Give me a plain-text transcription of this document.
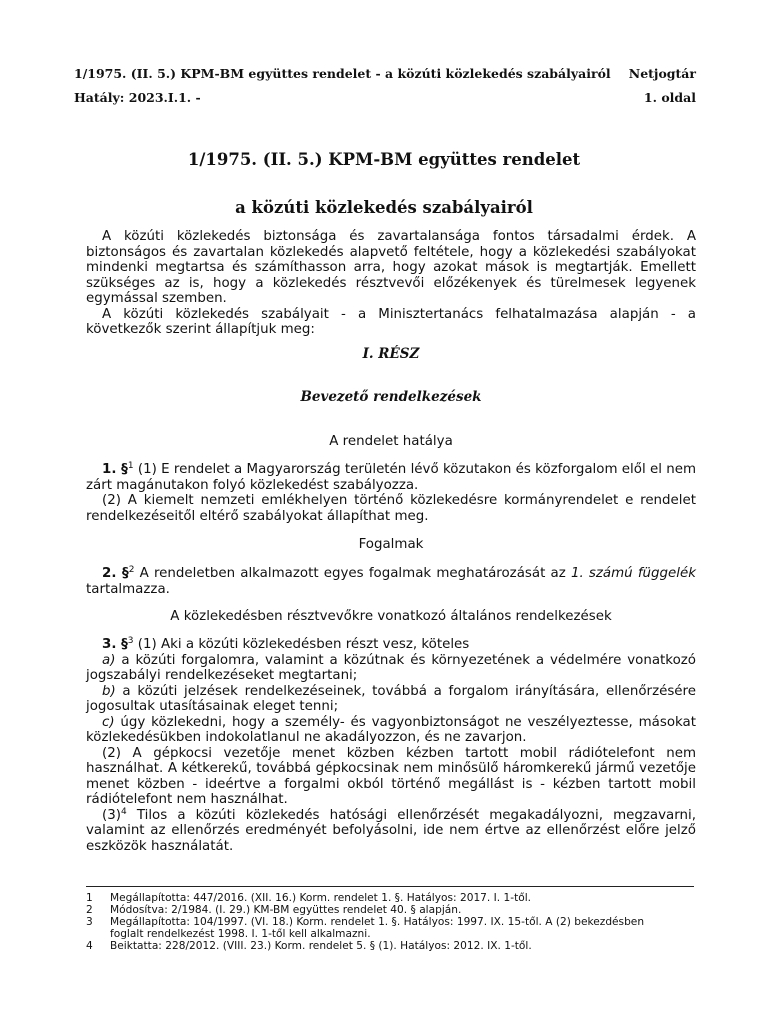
1/1975. (II. 5.) KPM-BM együttes rendelet - a közúti közlekedés szabályairól Netjogtár
Hatály: 2023.I.1. -	1. oldal
1/1975. (II. 5.) KPM-BM együttes rendelet
a közúti közlekedés szabályairól

A közúti közlekedés biztonsága és zavartalansága fontos társadalmi érdek. A biztonságos és zavartalan közlekedés alapvető feltétele, hogy a közlekedési szabályokat mindenki megtartsa és számíthasson arra, hogy azokat mások is megtartják. Emellett szükséges az is, hogy a közlekedés résztvevői előzékenyek és türelmesek legyenek egymással szemben.

A közúti közlekedés szabályait - a Minisztertanács felhatalmazása alapján - a következők szerint állapítjuk meg:

I. RÉSZ
Bevezető rendelkezések
A rendelet hatálya

1. §$^1$ (1) E rendelet a Magyarország területén lévő közutakon és közforgalom elől el nem zárt magánutakon folyó közlekedést szabályozza.

(2) A kiemelt nemzeti emlékhelyen történő közlekedésre kormányrendelet e rendelet rendelkezéseitől eltérő szabályokat állapíthat meg.

Fogalmak

2. §$^2$ A rendeletben alkalmazott egyes fogalmak meghatározását az 1. számú függelék tartalmazza.

A közlekedésben résztvevőkre vonatkozó általános rendelkezések

3. §$^3$ (1) Aki a közúti közlekedésben részt vesz, köteles

a) a közúti forgalomra, valamint a közútnak és környezetének a védelmére vonatkozó jogszabályi rendelkezéseket megtartani;

b) a közúti jelzések rendelkezéseinek, továbbá a forgalom irányítására, ellenőrzésére jogosultak utasításainak eleget tenni;

c) úgy közlekedni, hogy a személy- és vagyonbiztonságot ne veszélyeztesse, másokat közlekedésükben indokolatlanul ne akadályozzon, és ne zavarjon.

(2) A gépkocsi vezetője menet közben kézben tartott mobil rádiótelefont nem használhat. A kétkerekű, továbbá gépkocsinak nem minősülő háromkerekű jármű vezetője menet közben - ideértve a forgalmi okból történő megállást is - kézben tartott mobil rádiótelefont nem használhat.

$(3)^4$ Tilos a közúti közlekedés hatósági ellenőrzését megakadályozni, megzavarni, valamint az ellenőrzés eredményét befolyásolni, ide nem értve az ellenőrzést előre jelző eszközök használatát.

1 Megállapította: 447/2016. (XII. 16.) Korm. rendelet 1. §. Hatályos: 2017. I. 1-től.
2 Módosítva: 2/1984. (I. 29.) KM-BM együttes rendelet 40. § alapján.
3 Megállapította: 104/1997. (VI. 18.) Korm. rendelet 1. §. Hatályos: 1997. IX. 15-től. A (2) bekezdésben foglalt rendelkezést 1998. I. 1-től kell alkalmazni.
4 Beiktatta: 228/2012. (VIII. 23.) Korm. rendelet 5. § (1). Hatályos: 2012. IX. 1-től.
